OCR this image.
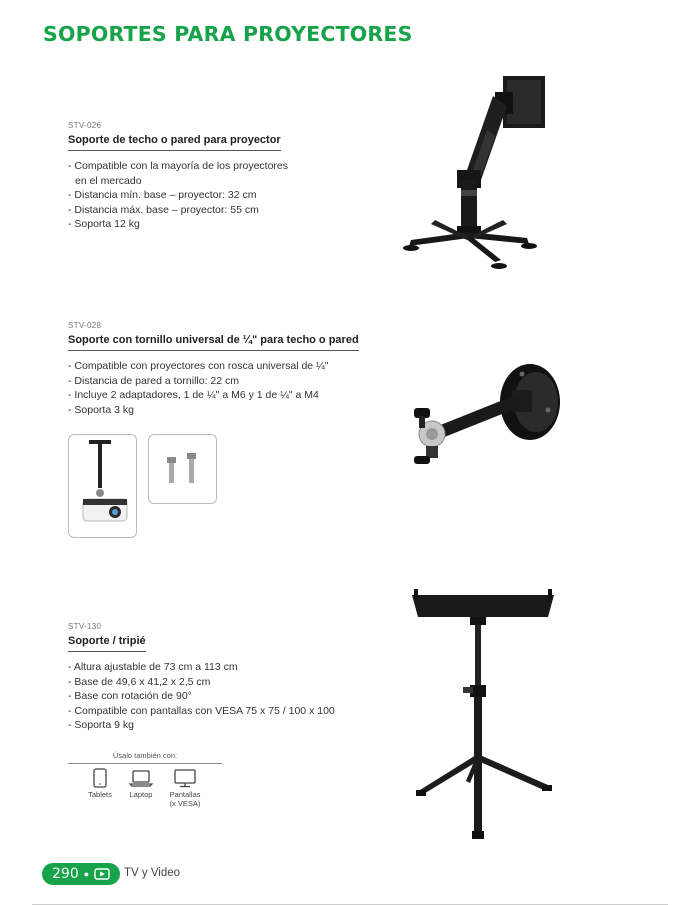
SOPORTES PARA PROYECTORES
STV-026
Soporte de techo o pared para proyector
- Compatible con la mayoría de los proyectores
en el mercado
- Distancia mín. base – proyector: 32 cm
- Distancia máx. base – proyector: 55 cm
- Soporta 12 kg
STV-028
Soporte con tornillo universal de ¼" para techo o pared
- Compatible con proyectores con rosca universal de ¼"
- Distancia de pared a tornillo: 22 cm
- Incluye 2 adaptadores, 1 de ¼" a M6 y 1 de ¼" a M4
- Soporta 3 kg
STV-130
Soporte / tripié
- Altura ajustable de 73 cm a 113 cm
- Base de 49,6 x 41,2 x 2,5 cm
- Base con rotación de 90°
- Compatible con pantallas con VESA 75 x 75 / 100 x 100
- Soporta 9 kg
Úsalo también con:
Tablets	Laptop	Pantallas
(x VESA)
290 ●	TV y Video
